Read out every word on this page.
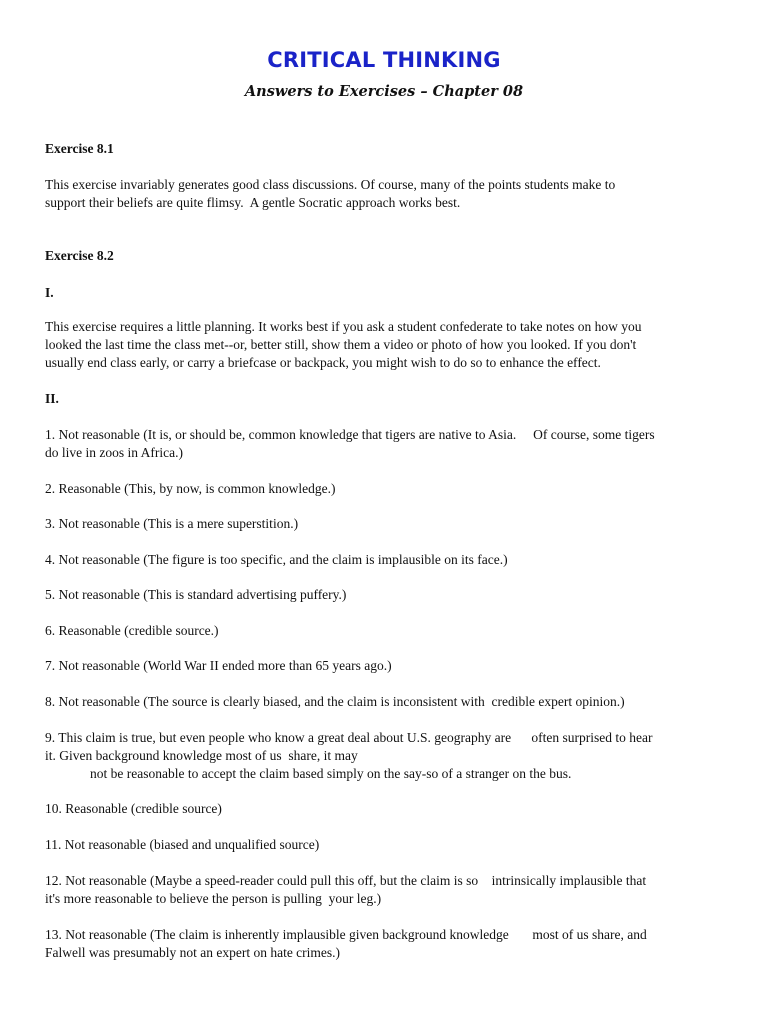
CRITICAL THINKING
Answers to Exercises – Chapter 08
Exercise 8.1
This exercise invariably generates good class discussions. Of course, many of the points students make to
support their beliefs are quite flimsy.  A gentle Socratic approach works best.
Exercise 8.2
I.
This exercise requires a little planning. It works best if you ask a student confederate to take notes on how you
looked the last time the class met--or, better still, show them a video or photo of how you looked. If you don't
usually end class early, or carry a briefcase or backpack, you might wish to do so to enhance the effect.
II.
1. Not reasonable (It is, or should be, common knowledge that tigers are native to Asia.     Of course, some tigers
do live in zoos in Africa.)
2. Reasonable (This, by now, is common knowledge.)
3. Not reasonable (This is a mere superstition.)
4. Not reasonable (The figure is too specific, and the claim is implausible on its face.)
5. Not reasonable (This is standard advertising puffery.)
6. Reasonable (credible source.)
7. Not reasonable (World War II ended more than 65 years ago.)
8. Not reasonable (The source is clearly biased, and the claim is inconsistent with  credible expert opinion.)
9. This claim is true, but even people who know a great deal about U.S. geography are      often surprised to hear
it. Given background knowledge most of us  share, it may
not be reasonable to accept the claim based simply on the say-so of a stranger on the bus.
10. Reasonable (credible source)
11. Not reasonable (biased and unqualified source)
12. Not reasonable (Maybe a speed-reader could pull this off, but the claim is so    intrinsically implausible that
it's more reasonable to believe the person is pulling  your leg.)
13. Not reasonable (The claim is inherently implausible given background knowledge       most of us share, and
Falwell was presumably not an expert on hate crimes.)
